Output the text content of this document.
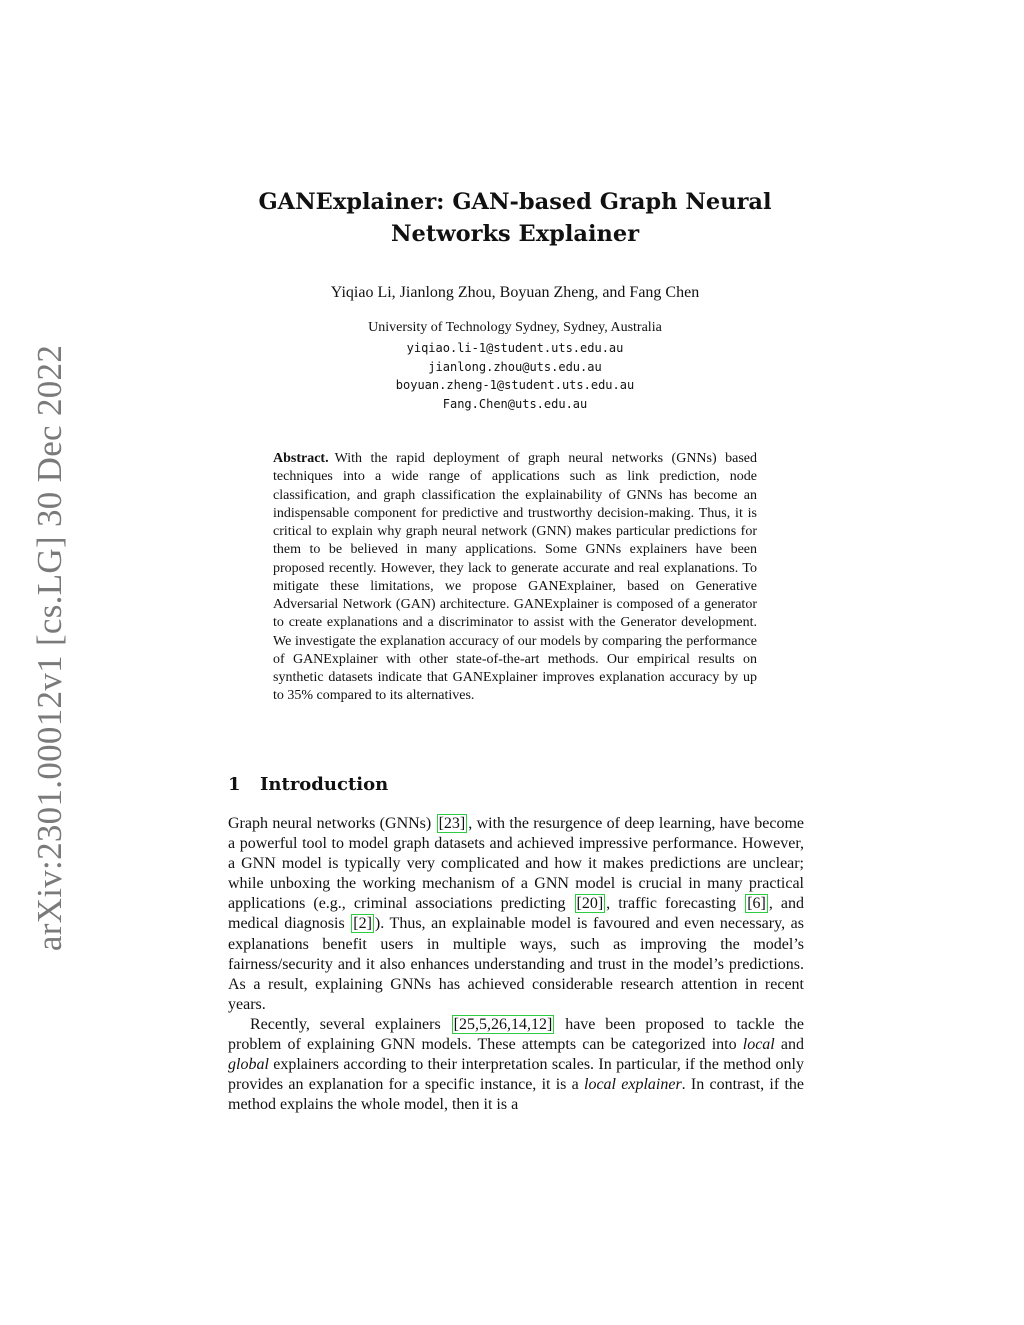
arXiv:2301.00012v1 [cs.LG] 30 Dec 2022
GANExplainer: GAN-based Graph Neural Networks Explainer

Yiqiao Li, Jianlong Zhou, Boyuan Zheng, and Fang Chen

University of Technology Sydney, Sydney, Australia

yiqiao.li-1@student.uts.edu.au
jianlong.zhou@uts.edu.au
boyuan.zheng-1@student.uts.edu.au
Fang.Chen@uts.edu.au

Abstract. With the rapid deployment of graph neural networks (GNNs) based techniques into a wide range of applications such as link prediction, node classification, and graph classification the explainability of GNNs has become an indispensable component for predictive and trustworthy decision-making. Thus, it is critical to explain why graph neural network (GNN) makes particular predictions for them to be believed in many applications. Some GNNs explainers have been proposed recently. However, they lack to generate accurate and real explanations. To mitigate these limitations, we propose GANExplainer, based on Generative Adversarial Network (GAN) architecture. GANExplainer is composed of a generator to create explanations and a discriminator to assist with the Generator development. We investigate the explanation accuracy of our models by comparing the performance of GANExplainer with other state-of-the-art methods. Our empirical results on synthetic datasets indicate that GANExplainer improves explanation accuracy by up to 35% compared to its alternatives.

1 Introduction

Graph neural networks (GNNs) [23] , with the resurgence of deep learning, have become a powerful tool to model graph datasets and achieved impressive performance. However, a GNN model is typically very complicated and how it makes predictions are unclear; while unboxing the working mechanism of a GNN model is crucial in many practical applications (e.g., criminal associations predicting [20] , traffic forecasting [6] , and medical diagnosis [2] ). Thus, an explainable model is favoured and even necessary, as explanations benefit users in multiple ways, such as improving the model’s fairness/security and it also enhances understanding and trust in the model’s predictions. As a result, explaining GNNs has achieved considerable research attention in recent years.

Recently, several explainers [25,5,26,14,12] have been proposed to tackle the problem of explaining GNN models. These attempts can be categorized into local and global explainers according to their interpretation scales. In particular, if the method only provides an explanation for a specific instance, it is a local explainer. In contrast, if the method explains the whole model, then it is a
